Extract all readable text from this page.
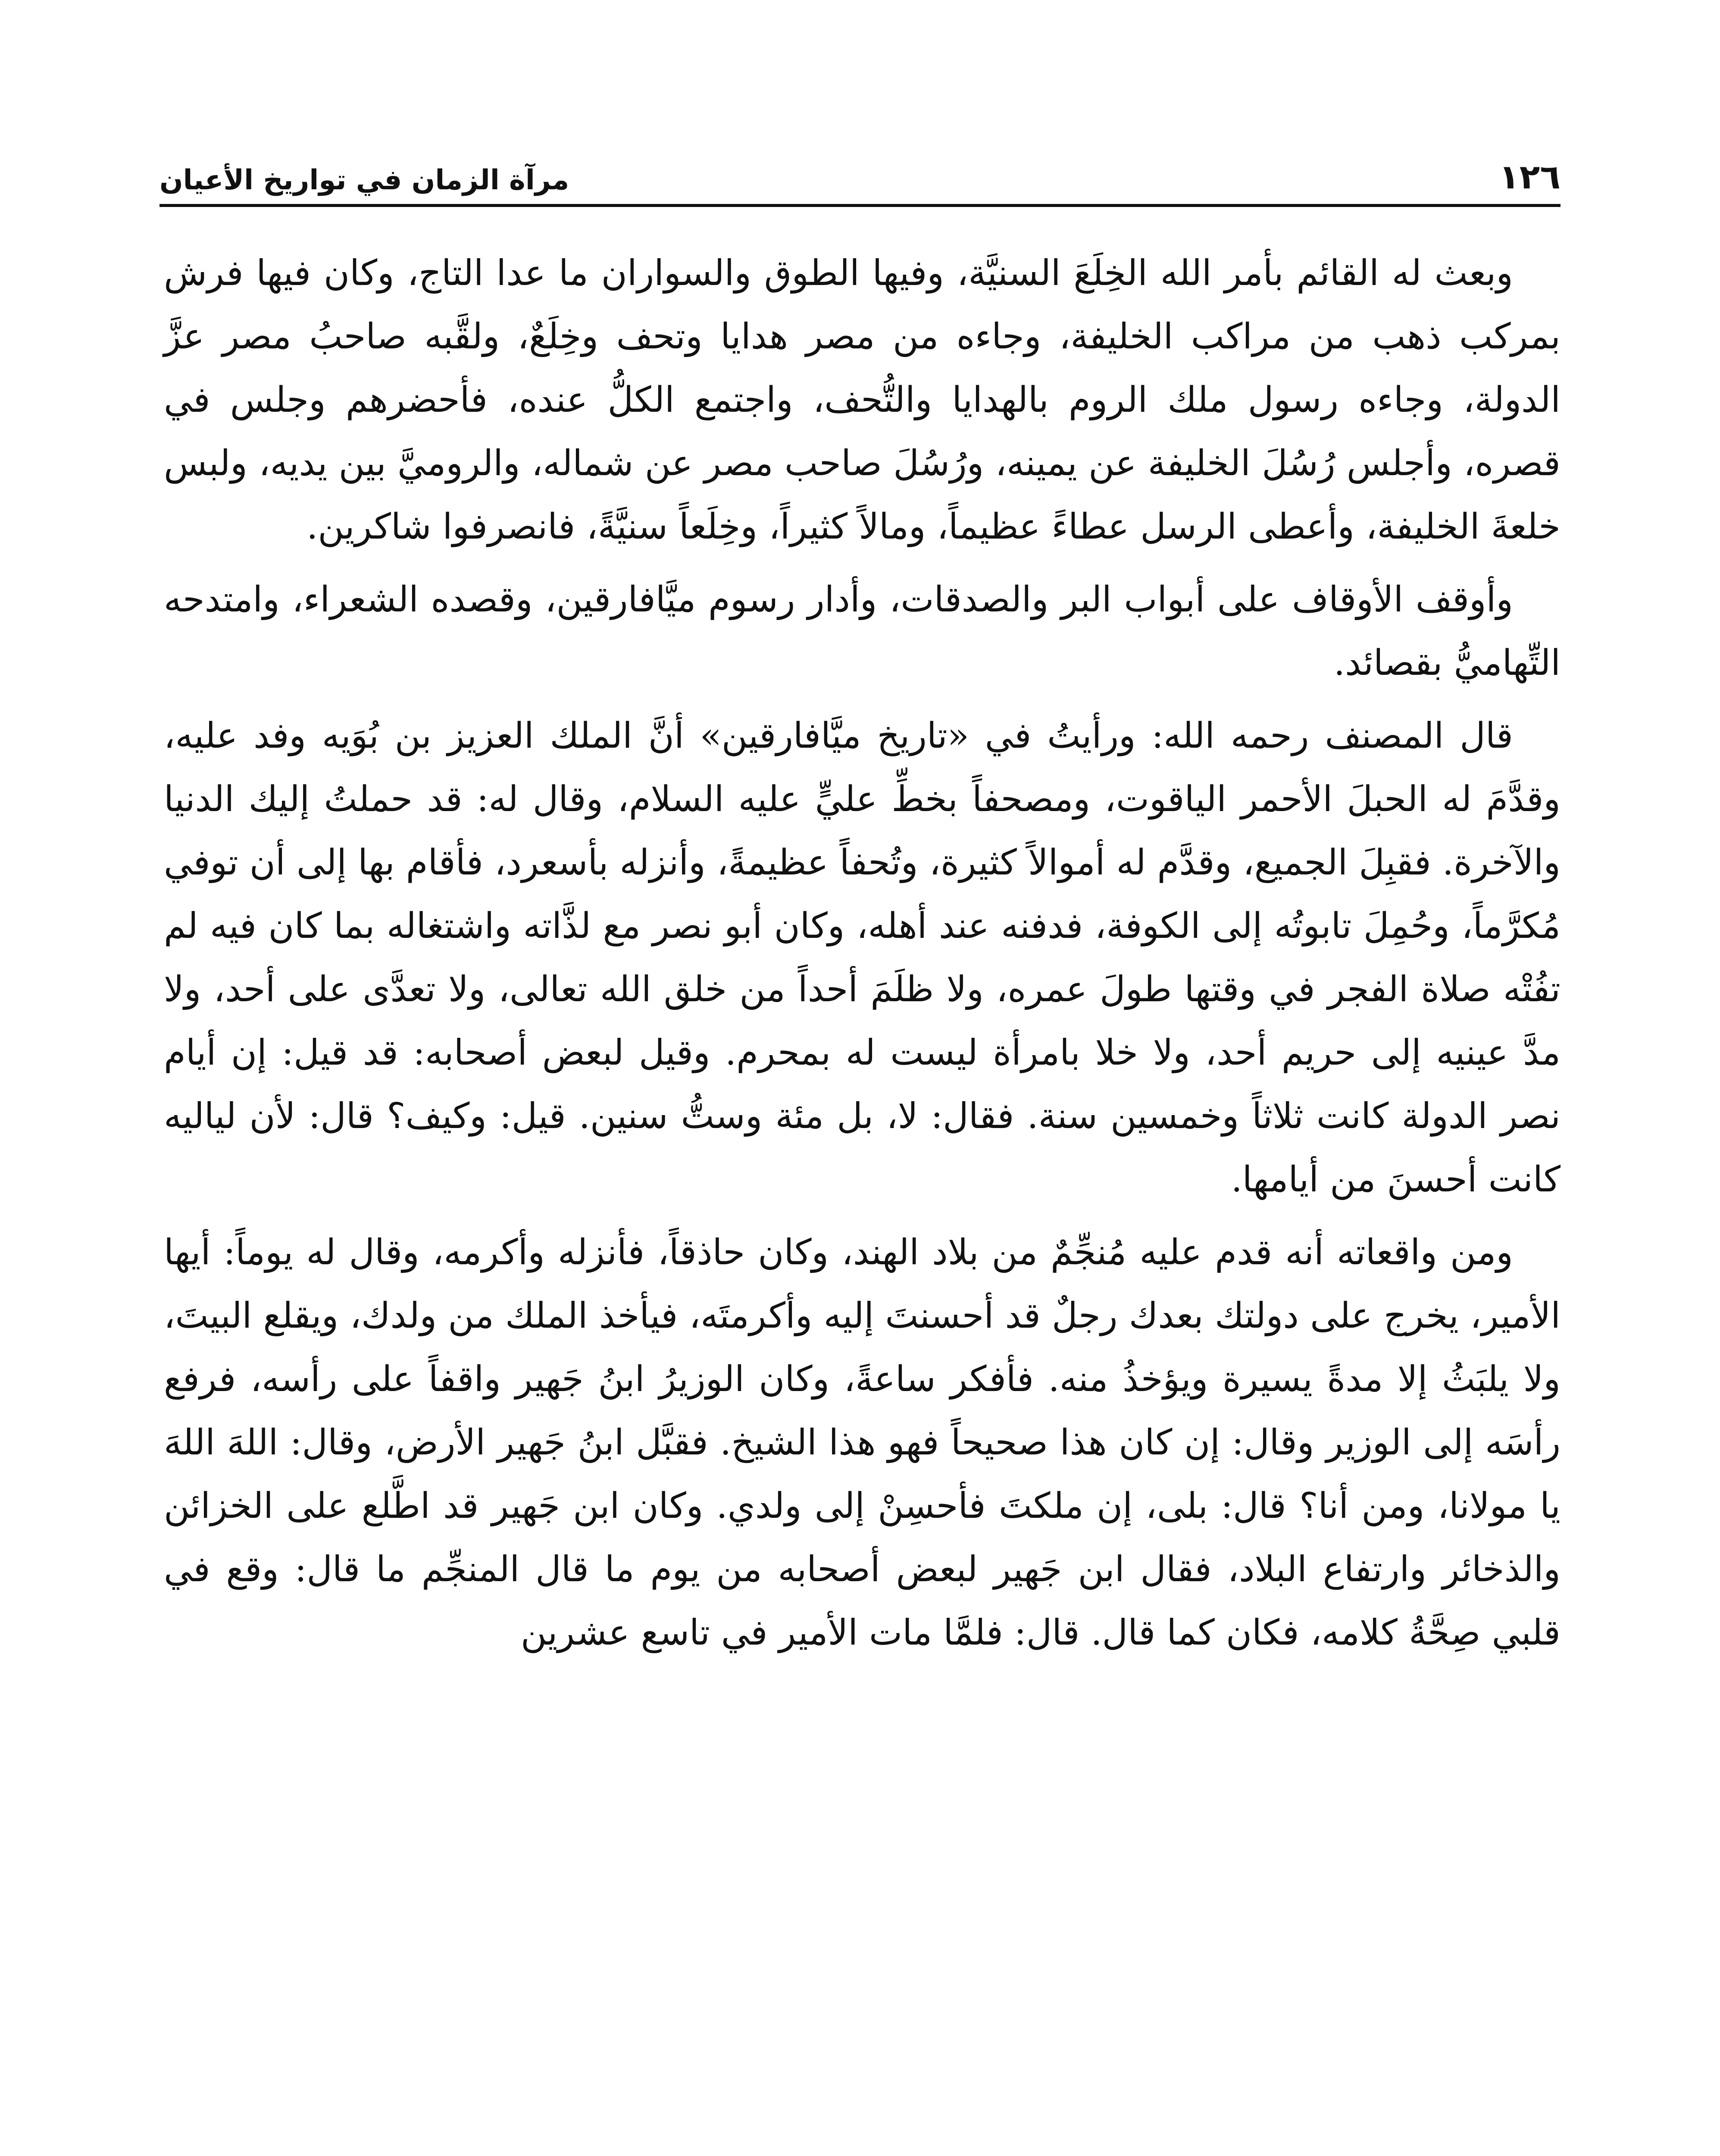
١٢٦
مرآة الزمان في تواريخ الأعيان

وبعث له القائم بأمر الله الخِلَعَ السنيَّة، وفيها الطوق والسواران ما عدا التاج، وكان فيها فرش بمركب ذهب من مراكب الخليفة، وجاءه من مصر هدايا وتحف وخِلَعٌ، ولقَّبه صاحبُ مصر عزَّ الدولة، وجاءه رسول ملك الروم بالهدايا والتُّحف، واجتمع الكلُّ عنده، فأحضرهم وجلس في قصره، وأجلس رُسُلَ الخليفة عن يمينه، ورُسُلَ صاحب مصر عن شماله، والروميَّ بين يديه، ولبس خلعةَ الخليفة، وأعطى الرسل عطاءً عظيماً، ومالاً كثيراً، وخِلَعاً سنيَّةً، فانصرفوا شاكرين.

وأوقف الأوقاف على أبواب البر والصدقات، وأدار رسوم ميَّافارقين، وقصده الشعراء، وامتدحه التِّهاميُّ بقصائد.

قال المصنف رحمه الله: ورأيتُ في «تاريخ ميَّافارقين» أنَّ الملك العزيز بن بُوَيه وفد عليه، وقدَّمَ له الحبلَ الأحمر الياقوت، ومصحفاً بخطِّ عليٍّ عليه السلام، وقال له: قد حملتُ إليك الدنيا والآخرة. فقبِلَ الجميع، وقدَّم له أموالاً كثيرة، وتُحفاً عظيمةً، وأنزله بأسعرد، فأقام بها إلى أن توفي مُكرَّماً، وحُمِلَ تابوتُه إلى الكوفة، فدفنه عند أهله، وكان أبو نصر مع لذَّاته واشتغاله بما كان فيه لم تفُتْه صلاة الفجر في وقتها طولَ عمره، ولا ظلَمَ أحداً من خلق الله تعالى، ولا تعدَّى على أحد، ولا مدَّ عينيه إلى حريم أحد، ولا خلا بامرأة ليست له بمحرم. وقيل لبعض أصحابه: قد قيل: إن أيام نصر الدولة كانت ثلاثاً وخمسين سنة. فقال: لا، بل مئة وستُّ سنين. قيل: وكيف؟ قال: لأن لياليه كانت أحسنَ من أيامها.

ومن واقعاته أنه قدم عليه مُنجِّمٌ من بلاد الهند، وكان حاذقاً، فأنزله وأكرمه، وقال له يوماً: أيها الأمير، يخرج على دولتك بعدك رجلٌ قد أحسنتَ إليه وأكرمتَه، فيأخذ الملك من ولدك، ويقلع البيتَ، ولا يلبَثُ إلا مدةً يسيرة ويؤخذُ منه. فأفكر ساعةً، وكان الوزيرُ ابنُ جَهير واقفاً على رأسه، فرفع رأسَه إلى الوزير وقال: إن كان هذا صحيحاً فهو هذا الشيخ. فقبَّل ابنُ جَهير الأرض، وقال: اللهَ اللهَ يا مولانا، ومن أنا؟ قال: بلى، إن ملكتَ فأحسِنْ إلى ولدي. وكان ابن جَهير قد اطَّلع على الخزائن والذخائر وارتفاع البلاد، فقال ابن جَهير لبعض أصحابه من يوم ما قال المنجِّم ما قال: وقع في قلبي صِحَّةُ كلامه، فكان كما قال. قال: فلمَّا مات الأمير في تاسع عشرين
